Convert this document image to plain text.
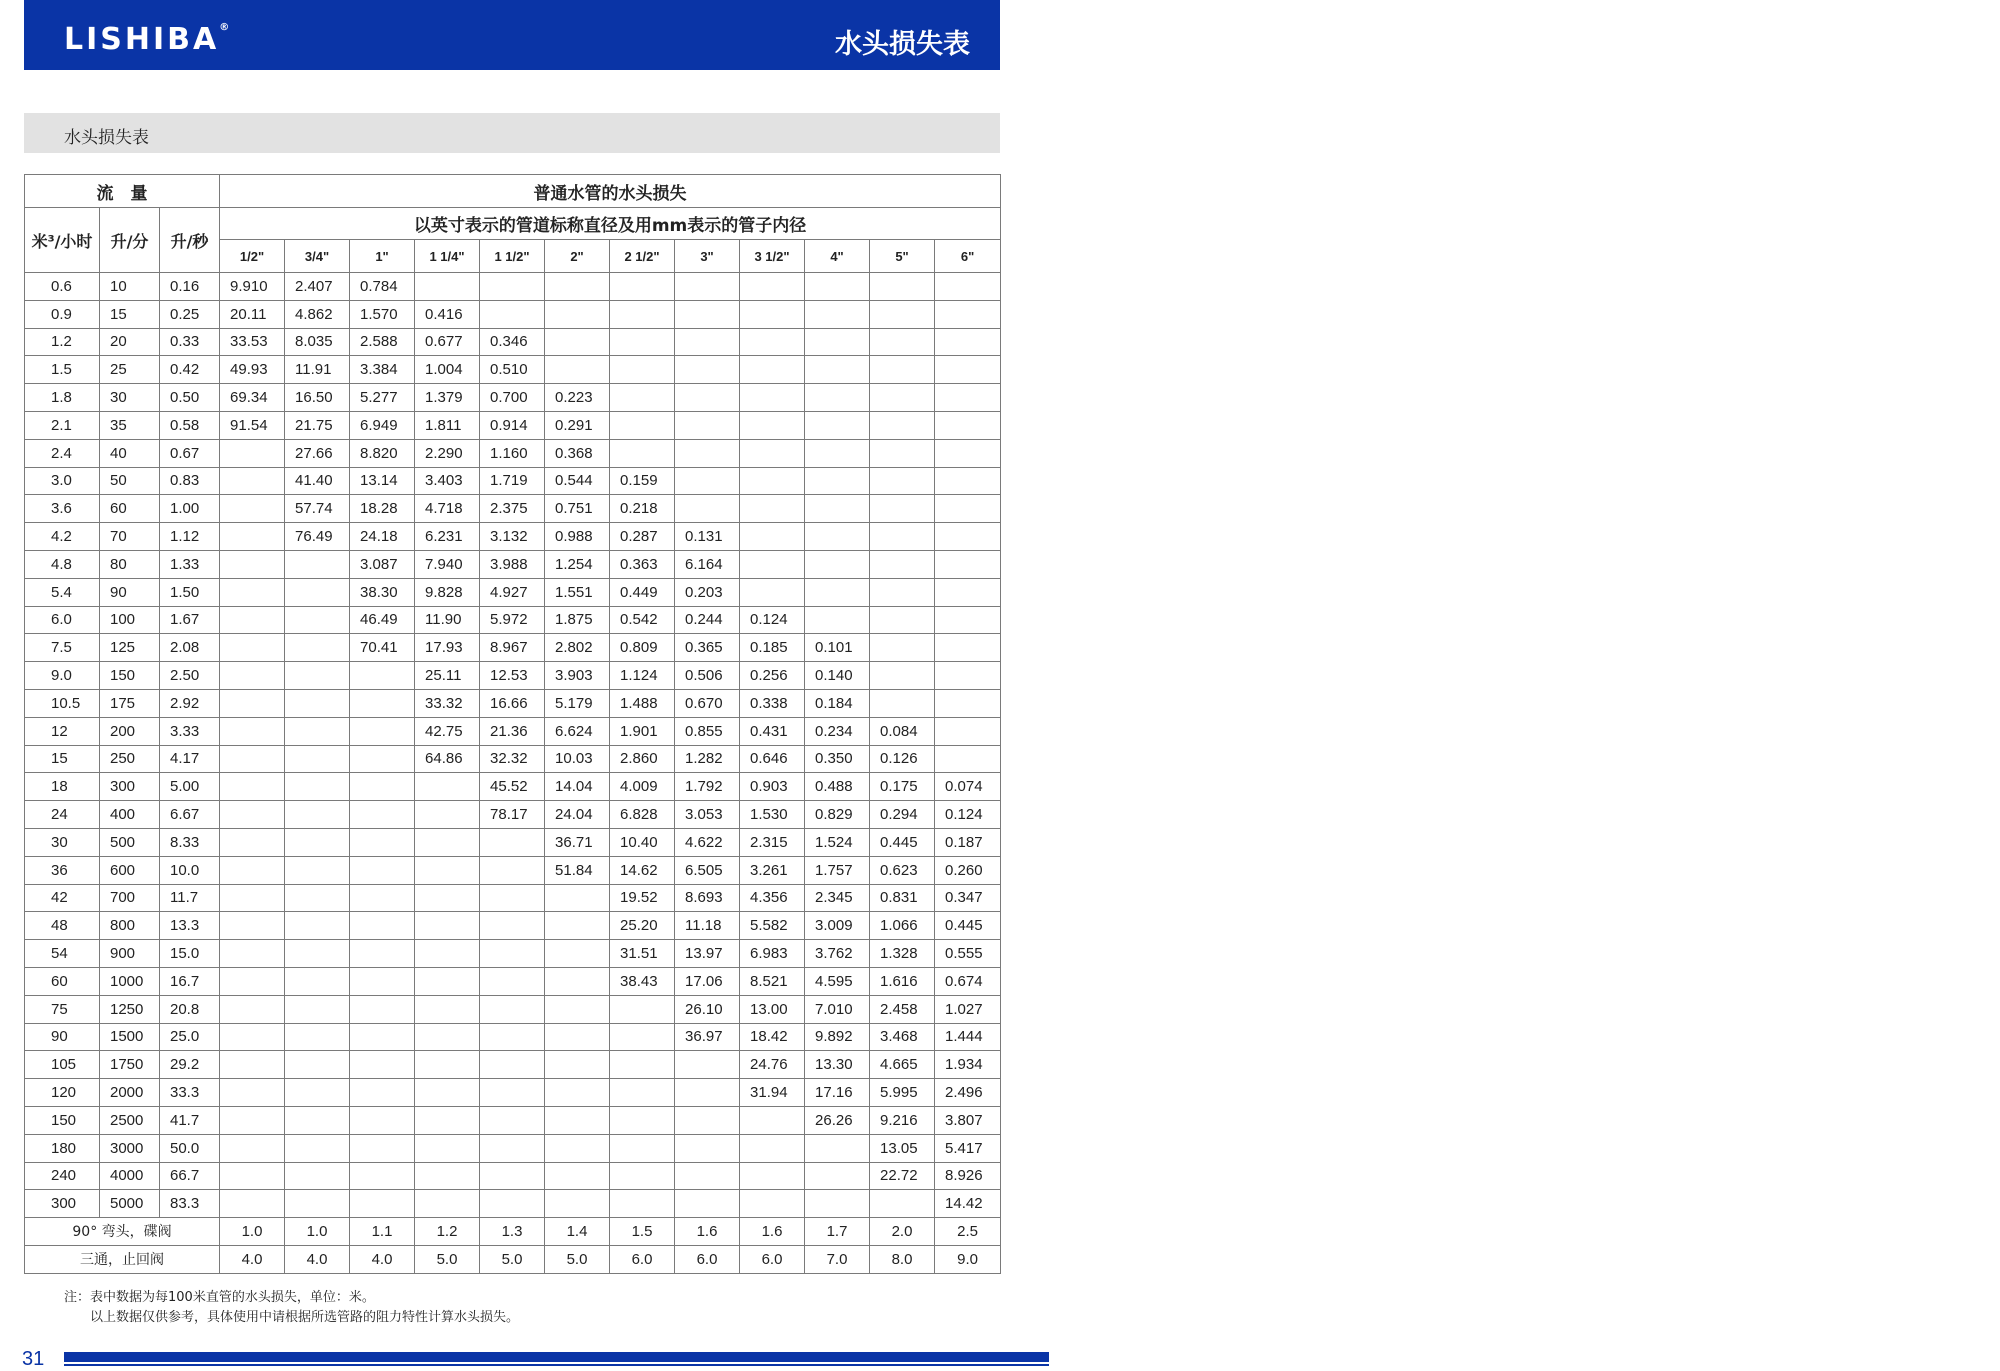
LISHIBA®
水头损失表
水头损失表
流　量			普通水管的水头损失											
米³/小时	升/分	升/秒	以英寸表示的管道标称直径及用mm表示的管子内径											
			1/2"	3/4"	1"	1 1/4"	1 1/2"	2"	2 1/2"	3"	3 1/2"	4"	5"	6"
0.6	10	0.16	9.910	2.407	0.784									
0.9	15	0.25	20.11	4.862	1.570	0.416								
1.2	20	0.33	33.53	8.035	2.588	0.677	0.346							
1.5	25	0.42	49.93	11.91	3.384	1.004	0.510							
1.8	30	0.50	69.34	16.50	5.277	1.379	0.700	0.223						
2.1	35	0.58	91.54	21.75	6.949	1.811	0.914	0.291						
2.4	40	0.67		27.66	8.820	2.290	1.160	0.368						
3.0	50	0.83		41.40	13.14	3.403	1.719	0.544	0.159					
3.6	60	1.00		57.74	18.28	4.718	2.375	0.751	0.218					
4.2	70	1.12		76.49	24.18	6.231	3.132	0.988	0.287	0.131				
4.8	80	1.33			3.087	7.940	3.988	1.254	0.363	6.164				
5.4	90	1.50			38.30	9.828	4.927	1.551	0.449	0.203				
6.0	100	1.67			46.49	11.90	5.972	1.875	0.542	0.244	0.124			
7.5	125	2.08			70.41	17.93	8.967	2.802	0.809	0.365	0.185	0.101		
9.0	150	2.50				25.11	12.53	3.903	1.124	0.506	0.256	0.140		
10.5	175	2.92				33.32	16.66	5.179	1.488	0.670	0.338	0.184		
12	200	3.33				42.75	21.36	6.624	1.901	0.855	0.431	0.234	0.084	
15	250	4.17				64.86	32.32	10.03	2.860	1.282	0.646	0.350	0.126	
18	300	5.00					45.52	14.04	4.009	1.792	0.903	0.488	0.175	0.074
24	400	6.67					78.17	24.04	6.828	3.053	1.530	0.829	0.294	0.124
30	500	8.33						36.71	10.40	4.622	2.315	1.524	0.445	0.187
36	600	10.0						51.84	14.62	6.505	3.261	1.757	0.623	0.260
42	700	11.7							19.52	8.693	4.356	2.345	0.831	0.347
48	800	13.3							25.20	11.18	5.582	3.009	1.066	0.445
54	900	15.0							31.51	13.97	6.983	3.762	1.328	0.555
60	1000	16.7							38.43	17.06	8.521	4.595	1.616	0.674
75	1250	20.8								26.10	13.00	7.010	2.458	1.027
90	1500	25.0								36.97	18.42	9.892	3.468	1.444
105	1750	29.2									24.76	13.30	4.665	1.934
120	2000	33.3									31.94	17.16	5.995	2.496
150	2500	41.7										26.26	9.216	3.807
180	3000	50.0											13.05	5.417
240	4000	66.7											22.72	8.926
300	5000	83.3												14.42
90° 弯头，碟阀			1.0	1.0	1.1	1.2	1.3	1.4	1.5	1.6	1.6	1.7	2.0	2.5
三通，止回阀			4.0	4.0	4.0	5.0	5.0	5.0	6.0	6.0	6.0	7.0	8.0	9.0
注：表中数据为每100米直管的水头损失，单位：米。
以上数据仅供参考，具体使用中请根据所选管路的阻力特性计算水头损失。
31
